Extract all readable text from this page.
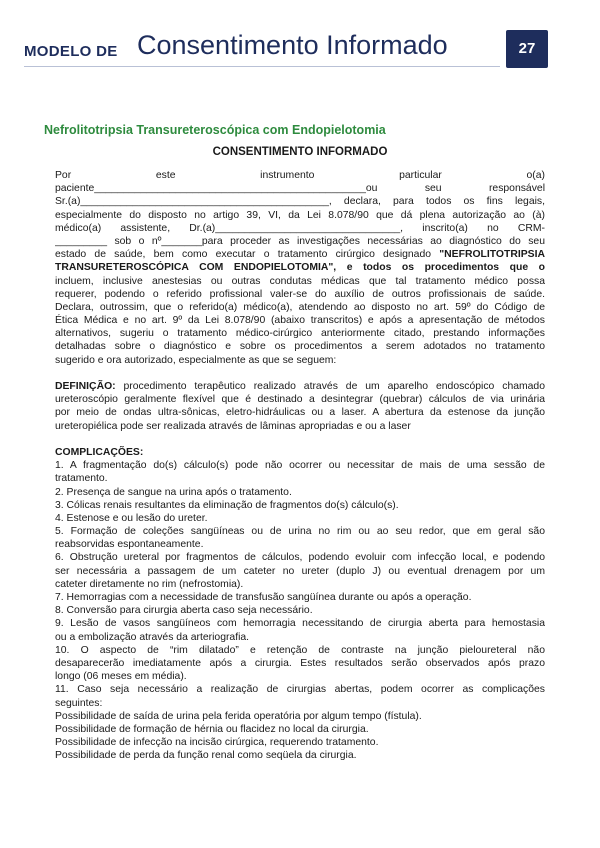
MODELO DE Consentimento Informado	27
Nefrolitotripsia Transureteroscópica com Endopielotomia
CONSENTIMENTO INFORMADO
Por este instrumento particular o(a)
paciente_______________________________________________ou seu responsável
Sr.(a)___________________________________________, declara, para todos os fins legais,
especialmente do disposto no artigo 39, VI, da Lei 8.078/90 que dá plena autorização ao (à)
médico(a) assistente, Dr.(a)________________________________, inscrito(a) no CRM-
_________ sob o nº_______para proceder as investigações necessárias ao diagnóstico do seu
estado de saúde, bem como executar o tratamento cirúrgico designado "NEFROLITOTRIPSIA
TRANSURETEROSCÓPICA COM ENDOPIELOTOMIA", e todos os procedimentos que o
incluem, inclusive anestesias ou outras condutas médicas que tal tratamento médico possa
requerer, podendo o referido profissional valer-se do auxílio de outros profissionais de saúde.
Declara, outrossim, que o referido(a) médico(a), atendendo ao disposto no art. 59º do Código de
Ética Médica e no art. 9º da Lei 8.078/90 (abaixo transcritos) e após a apresentação de métodos
alternativos, sugeriu o tratamento médico-cirúrgico anteriormente citado, prestando informações
detalhadas sobre o diagnóstico e sobre os procedimentos a serem adotados no tratamento
sugerido e ora autorizado, especialmente as que se seguem:
DEFINIÇÃO: procedimento terapêutico realizado através de um aparelho endoscópico chamado
ureteroscópio geralmente flexível que é destinado a desintegrar (quebrar) cálculos de via urinária
por meio de ondas ultra-sônicas, eletro-hidráulicas ou a laser. A abertura da estenose da junção
ureteropiélica pode ser realizada através de lâminas apropriadas e ou a laser
COMPLICAÇÕES:
1. A fragmentação do(s) cálculo(s) pode não ocorrer ou necessitar de mais de uma sessão de
tratamento.
2. Presença de sangue na urina após o tratamento.
3. Cólicas renais resultantes da eliminação de fragmentos do(s) cálculo(s).
4. Estenose e ou lesão do ureter.
5. Formação de coleções sangüíneas ou de urina no rim ou ao seu redor, que em geral são
reabsorvidas espontaneamente.
6. Obstrução ureteral por fragmentos de cálculos, podendo evoluir com infecção local, e podendo
ser necessária a passagem de um cateter no ureter (duplo J) ou eventual drenagem por um
cateter diretamente no rim (nefrostomia).
7. Hemorragias com a necessidade de transfusão sangüínea durante ou após a operação.
8. Conversão para cirurgia aberta caso seja necessário.
9. Lesão de vasos sangüíneos com hemorragia necessitando de cirurgia aberta para hemostasia
ou a embolização através da arteriografia.
10. O aspecto de “rim dilatado” e retenção de contraste na junção pieloureteral não
desaparecerão imediatamente após a cirurgia. Estes resultados serão observados após prazo
longo (06 meses em média).
11. Caso seja necessário a realização de cirurgias abertas, podem ocorrer as complicações
seguintes:
Possibilidade de saída de urina pela ferida operatória por algum tempo (fístula).
Possibilidade de formação de hérnia ou flacidez no local da cirurgia.
Possibilidade de infecção na incisão cirúrgica, requerendo tratamento.
Possibilidade de perda da função renal como seqüela da cirurgia.
